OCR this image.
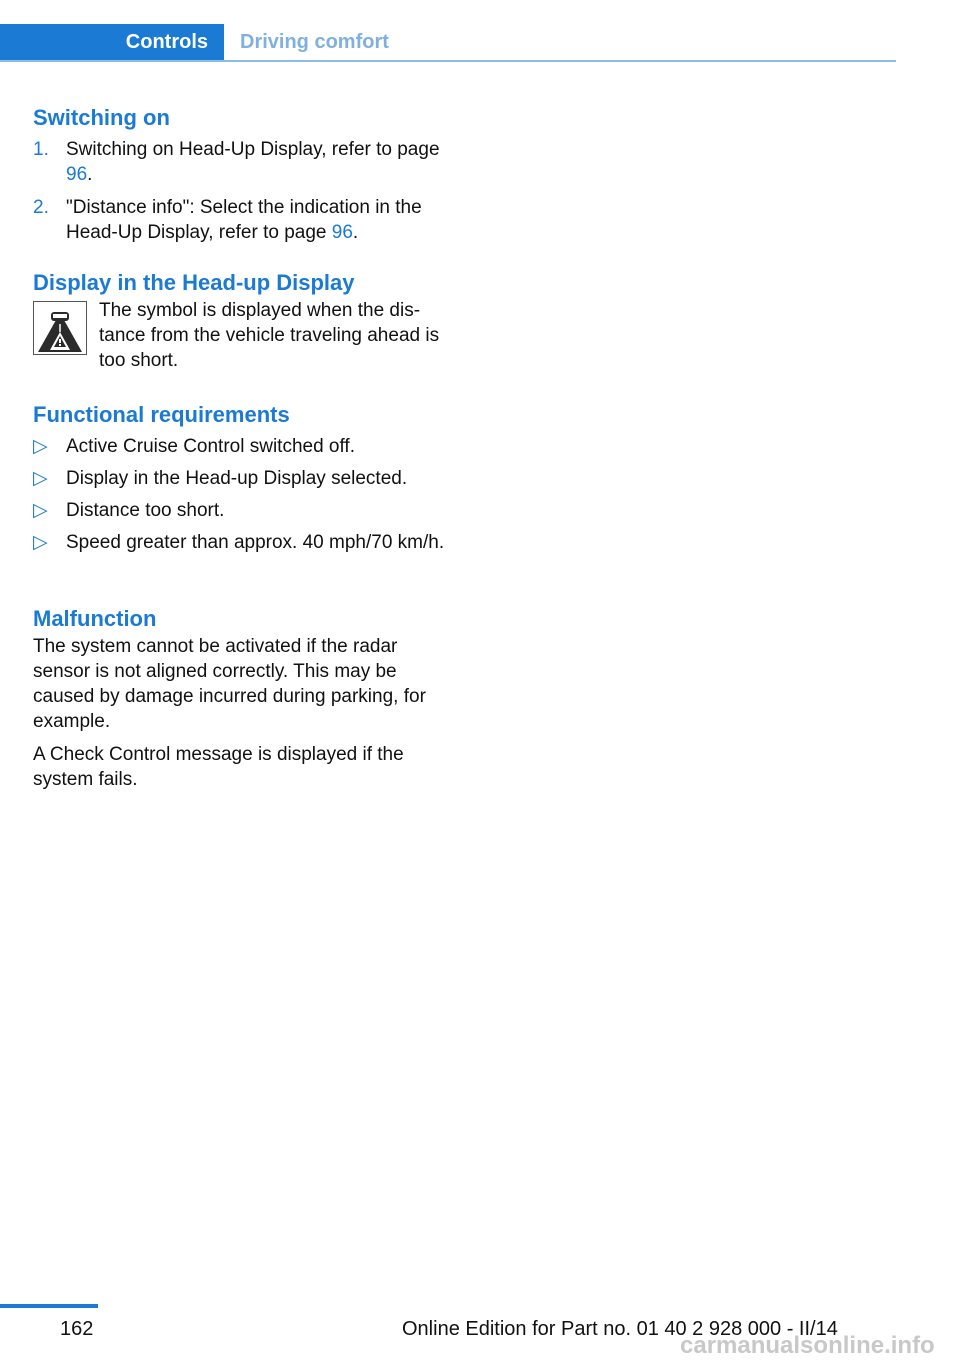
Controls	Driving comfort
Switching on
1. Switching on Head-Up Display, refer to page 96.
2. "Distance info": Select the indication in the Head-Up Display, refer to page 96.
Display in the Head-up Display

The symbol is displayed when the distance from the vehicle traveling ahead is too short.

Functional requirements
▷ Active Cruise Control switched off.
▷ Display in the Head-up Display selected.
▷ Distance too short.
▷ Speed greater than approx. 40 mph/70 km/h.
Malfunction

The system cannot be activated if the radar sensor is not aligned correctly. This may be caused by damage incurred during parking, for example.

A Check Control message is displayed if the system fails.

162	Online Edition for Part no. 01 40 2 928 000 - II/14
carmanualsonline.info
